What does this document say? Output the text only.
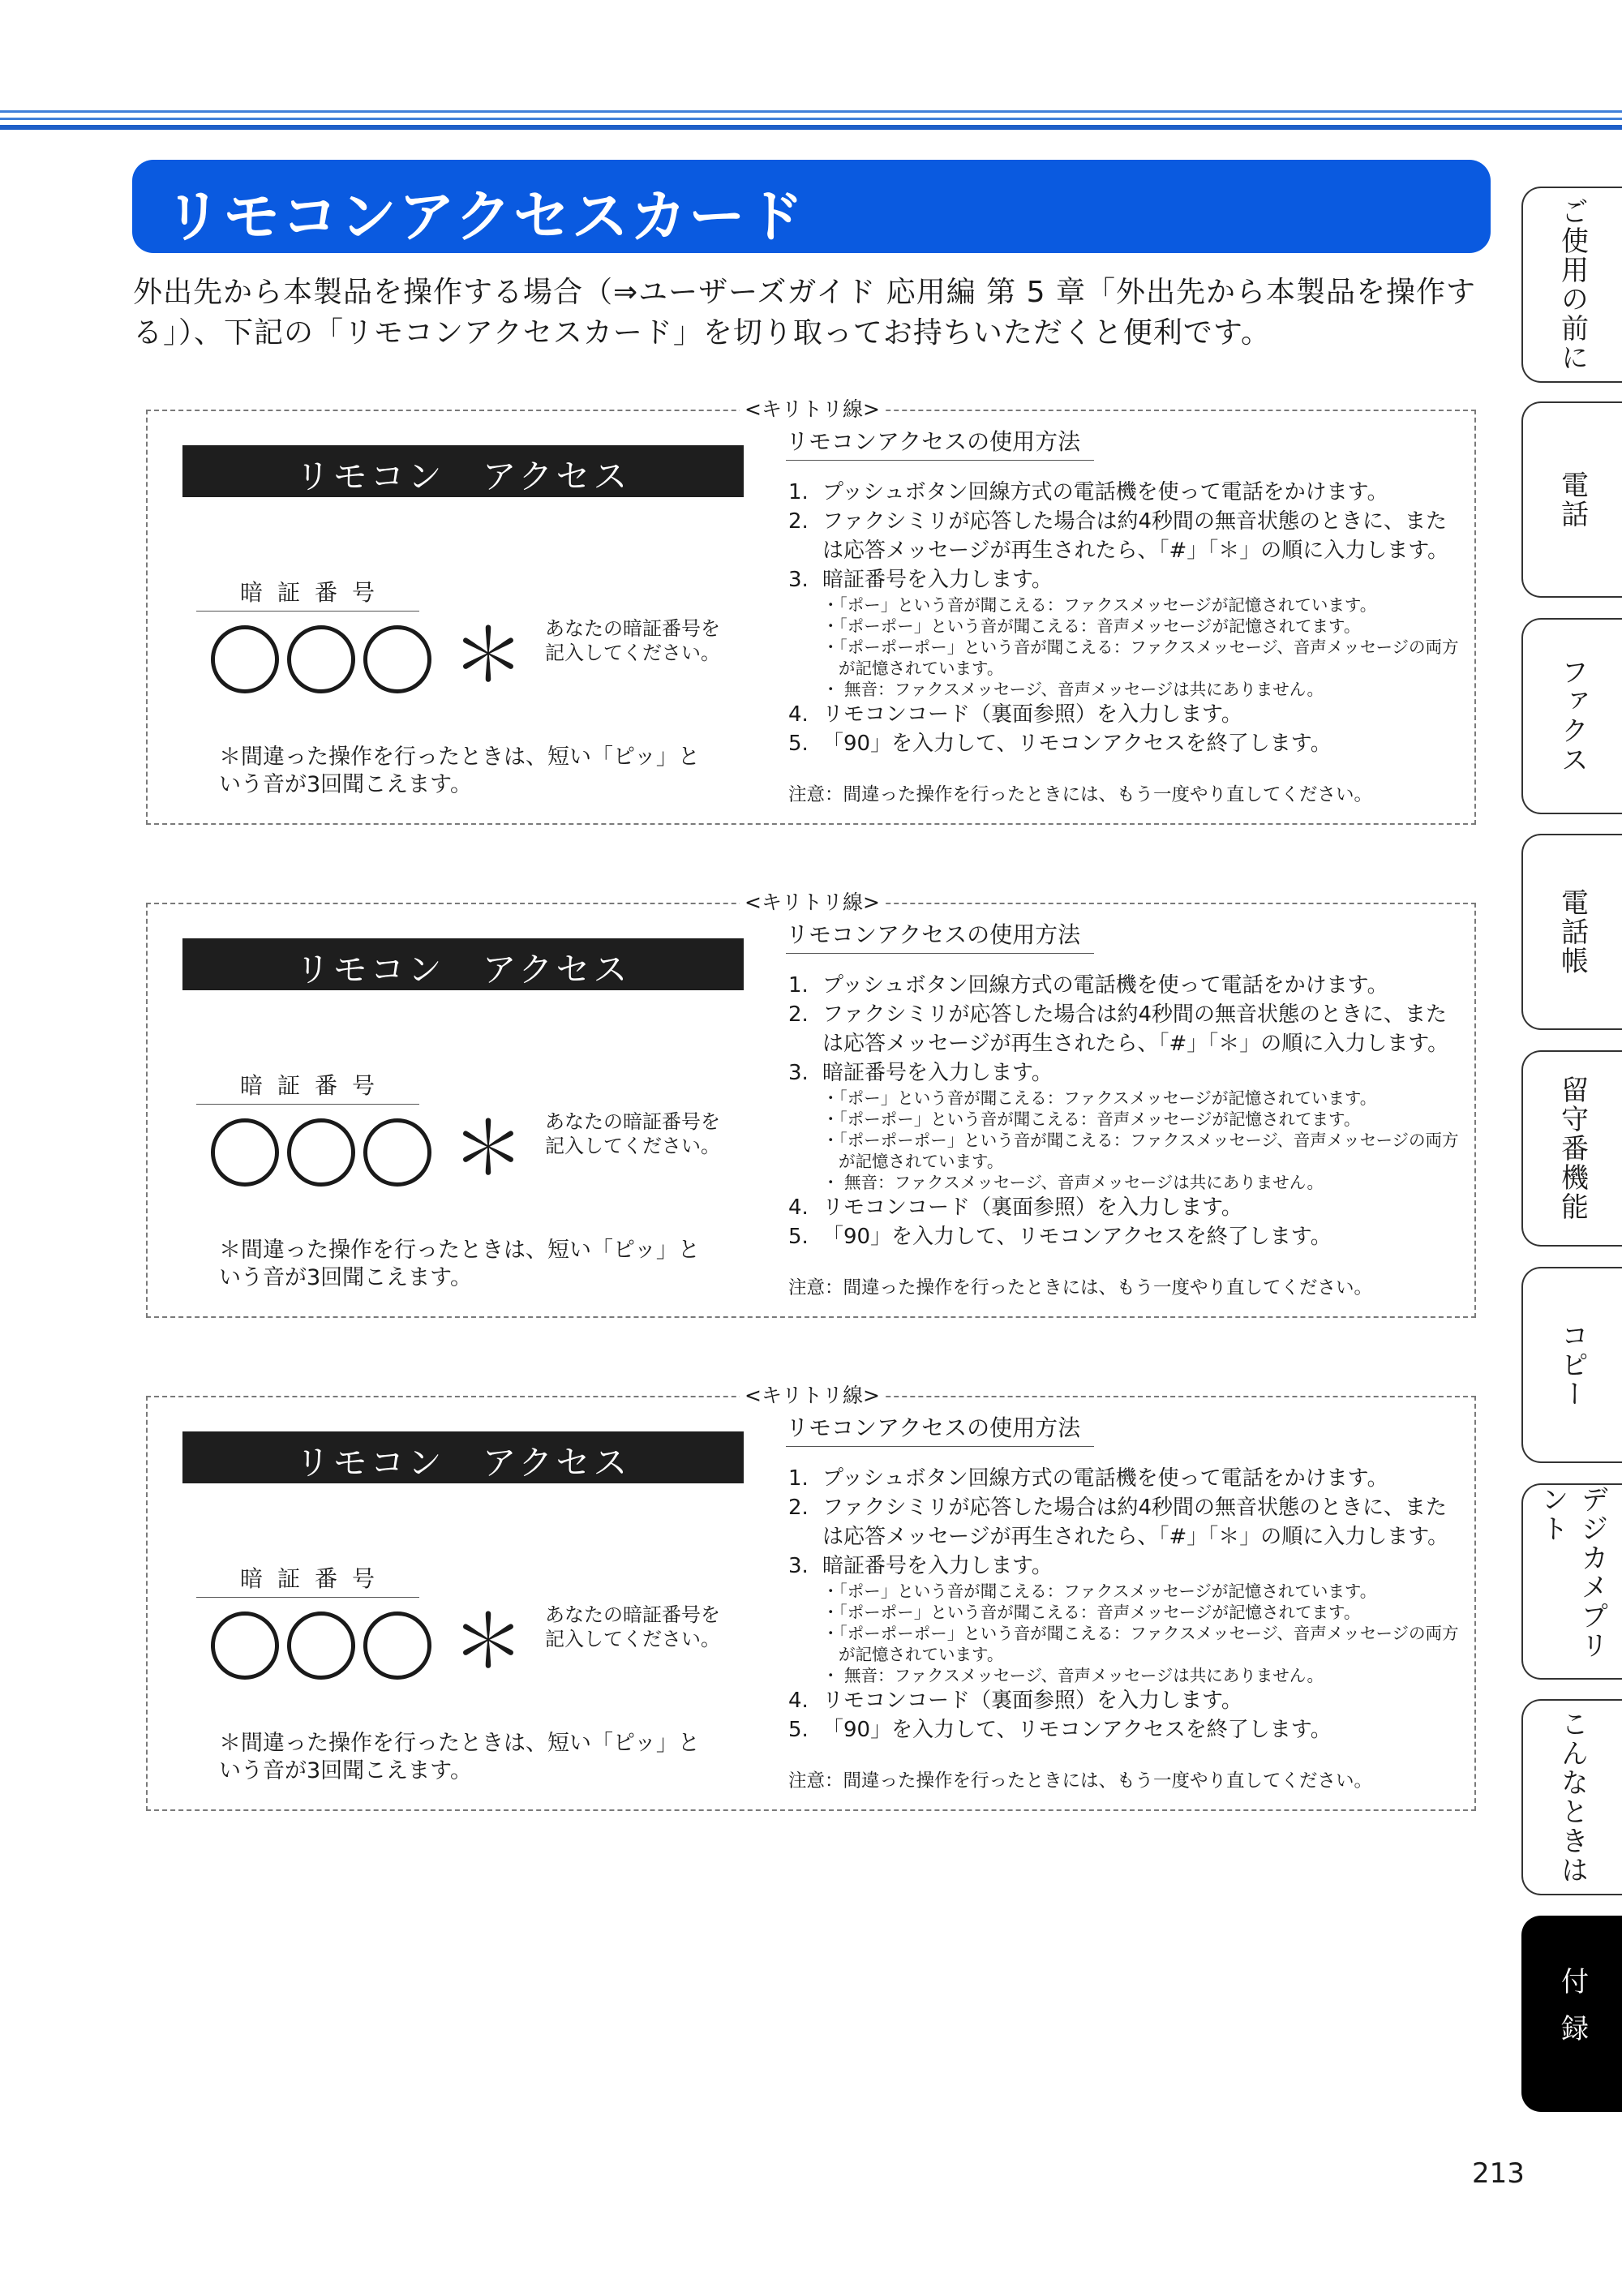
リモコンアクセスカード
外出先から本製品を操作する場合（⇒ユーザーズガイド 応用編 第 5 章「外出先から本製品を操作する」）、下記の「リモコンアクセスカード」を切り取ってお持ちいただくと便利です。
<キリトリ線>
リモコン　アクセス
暗証番号
＊ あなたの暗証番号を
記入してください。
＊間違った操作を行ったときは、短い「ピッ」という音が3回聞こえます。
リモコンアクセスの使用方法
1. プッシュボタン回線方式の電話機を使って電話をかけます。
2. ファクシミリが応答した場合は約4秒間の無音状態のときに、または応答メッセージが再生されたら、「#」「＊」の順に入力します。
3. 暗証番号を入力します。
・「ポー」という音が聞こえる：ファクスメッセージが記憶されています。
・「ポーポー」という音が聞こえる：音声メッセージが記憶されてます。
・「ポーポーポー」という音が聞こえる：ファクスメッセージ、音声メッセージの両方が記憶されています。
・ 無音：ファクスメッセージ、音声メッセージは共にありません。
4. リモコンコード（裏面参照）を入力します。
5. 「90」を入力して、リモコンアクセスを終了します。
注意：間違った操作を行ったときには、もう一度やり直してください。
<キリトリ線>
リモコン　アクセス
暗証番号
＊ あなたの暗証番号を
記入してください。
＊間違った操作を行ったときは、短い「ピッ」という音が3回聞こえます。
リモコンアクセスの使用方法
1. プッシュボタン回線方式の電話機を使って電話をかけます。
2. ファクシミリが応答した場合は約4秒間の無音状態のときに、または応答メッセージが再生されたら、「#」「＊」の順に入力します。
3. 暗証番号を入力します。
・「ポー」という音が聞こえる：ファクスメッセージが記憶されています。
・「ポーポー」という音が聞こえる：音声メッセージが記憶されてます。
・「ポーポーポー」という音が聞こえる：ファクスメッセージ、音声メッセージの両方が記憶されています。
・ 無音：ファクスメッセージ、音声メッセージは共にありません。
4. リモコンコード（裏面参照）を入力します。
5. 「90」を入力して、リモコンアクセスを終了します。
注意：間違った操作を行ったときには、もう一度やり直してください。
<キリトリ線>
リモコン　アクセス
暗証番号
＊ あなたの暗証番号を
記入してください。
＊間違った操作を行ったときは、短い「ピッ」という音が3回聞こえます。
リモコンアクセスの使用方法
1. プッシュボタン回線方式の電話機を使って電話をかけます。
2. ファクシミリが応答した場合は約4秒間の無音状態のときに、または応答メッセージが再生されたら、「#」「＊」の順に入力します。
3. 暗証番号を入力します。
・「ポー」という音が聞こえる：ファクスメッセージが記憶されています。
・「ポーポー」という音が聞こえる：音声メッセージが記憶されてます。
・「ポーポーポー」という音が聞こえる：ファクスメッセージ、音声メッセージの両方が記憶されています。
・ 無音：ファクスメッセージ、音声メッセージは共にありません。
4. リモコンコード（裏面参照）を入力します。
5. 「90」を入力して、リモコンアクセスを終了します。
注意：間違った操作を行ったときには、もう一度やり直してください。
ご使用の前に
電話
ファクス
電話帳
留守番機能
コピー
デジカメプリント
こんなときは
付録
213
